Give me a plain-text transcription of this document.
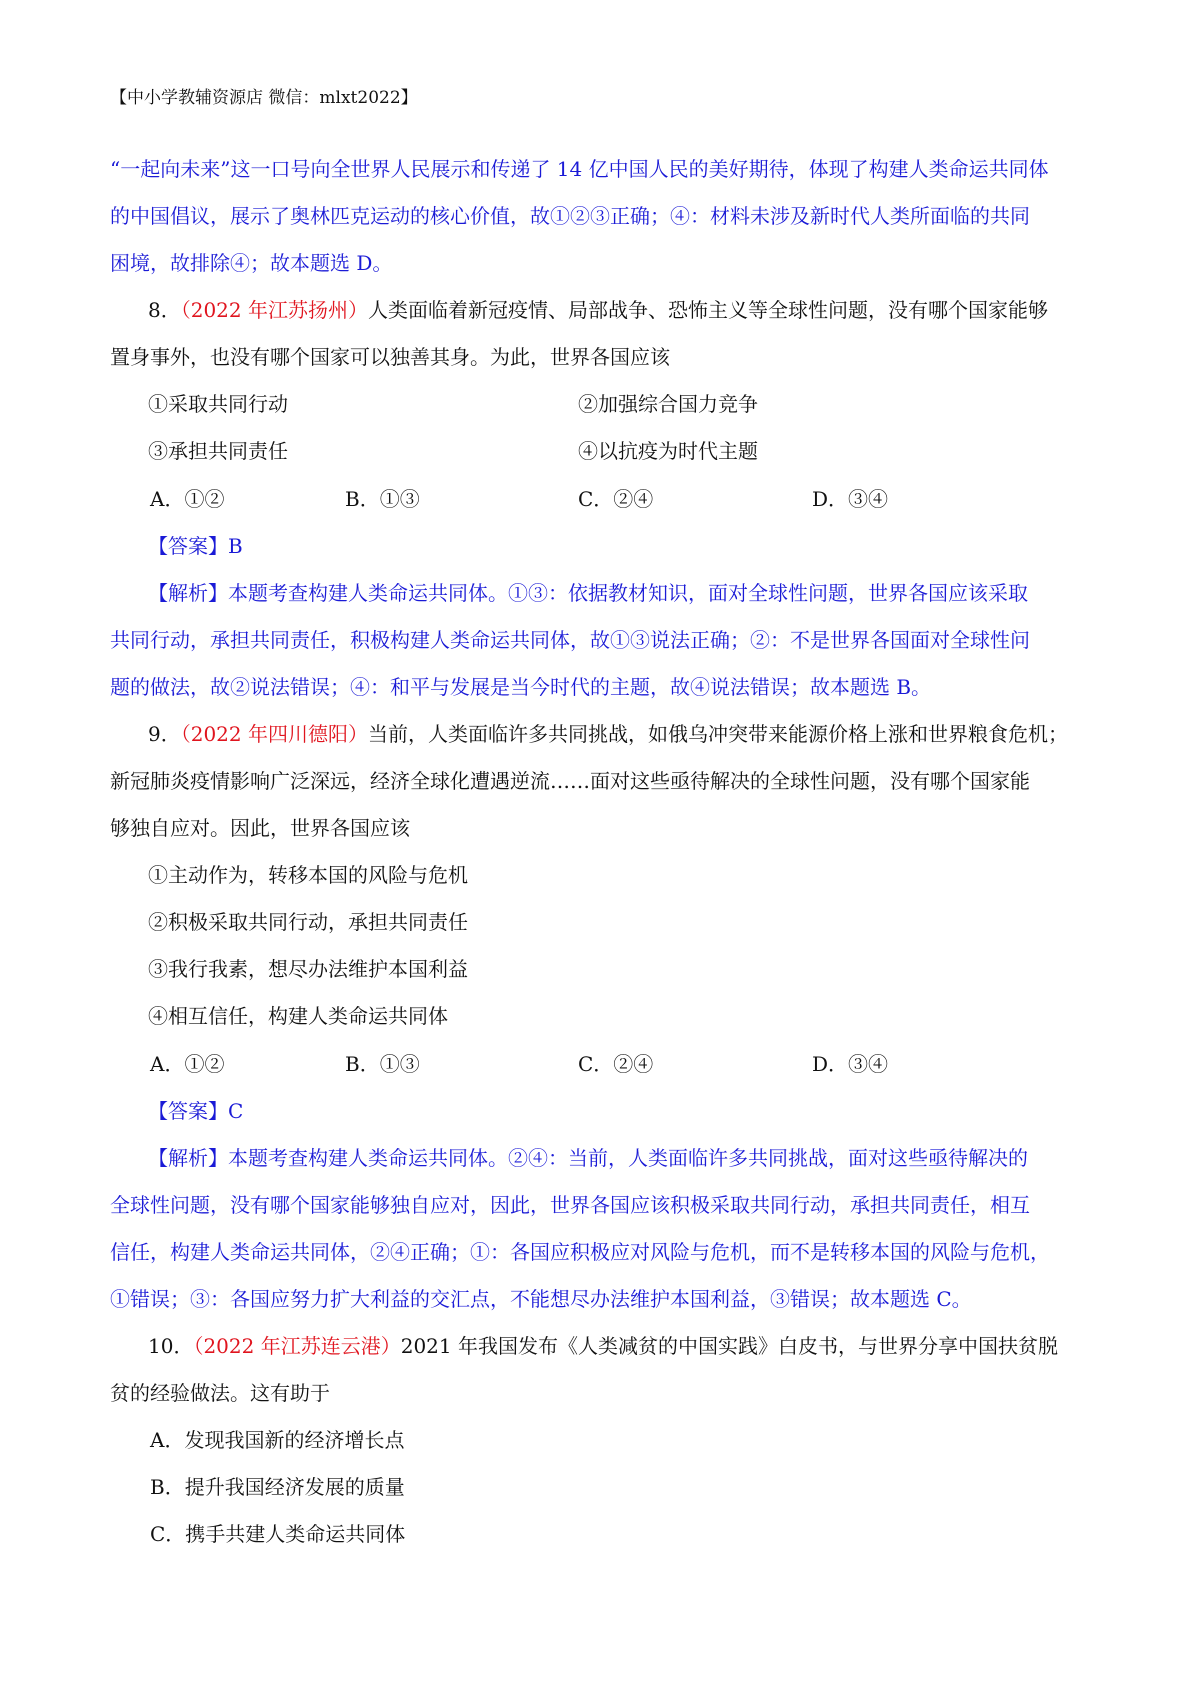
【中小学教辅资源店 微信：mlxt2022】
“一起向未来”这一口号向全世界人民展示和传递了 14 亿中国人民的美好期待，体现了构建人类命运共同体
的中国倡议，展示了奥林匹克运动的核心价值，故①②③正确；④：材料未涉及新时代人类所面临的共同
困境，故排除④；故本题选 D。
8．（2022 年江苏扬州）人类面临着新冠疫情、局部战争、恐怖主义等全球性问题，没有哪个国家能够
置身事外，也没有哪个国家可以独善其身。为此，世界各国应该
①采取共同行动	②加强综合国力竞争
③承担共同责任	④以抗疫为时代主题
A．①②	B．①③	C．②④	D．③④
【答案】B
【解析】本题考查构建人类命运共同体。①③：依据教材知识，面对全球性问题，世界各国应该采取
共同行动，承担共同责任，积极构建人类命运共同体，故①③说法正确；②：不是世界各国面对全球性问
题的做法，故②说法错误；④：和平与发展是当今时代的主题，故④说法错误；故本题选 B。
9．（2022 年四川德阳）当前，人类面临许多共同挑战，如俄乌冲突带来能源价格上涨和世界粮食危机；
新冠肺炎疫情影响广泛深远，经济全球化遭遇逆流……面对这些亟待解决的全球性问题，没有哪个国家能
够独自应对。因此，世界各国应该
①主动作为，转移本国的风险与危机
②积极采取共同行动，承担共同责任
③我行我素，想尽办法维护本国利益
④相互信任，构建人类命运共同体
A．①②	B．①③	C．②④	D．③④
【答案】C
【解析】本题考查构建人类命运共同体。②④：当前，人类面临许多共同挑战，面对这些亟待解决的
全球性问题，没有哪个国家能够独自应对，因此，世界各国应该积极采取共同行动，承担共同责任，相互
信任，构建人类命运共同体，②④正确；①：各国应积极应对风险与危机，而不是转移本国的风险与危机，
①错误；③：各国应努力扩大利益的交汇点，不能想尽办法维护本国利益，③错误；故本题选 C。
10．（2022 年江苏连云港）2021 年我国发布《人类减贫的中国实践》白皮书，与世界分享中国扶贫脱
贫的经验做法。这有助于
A．发现我国新的经济增长点
B．提升我国经济发展的质量
C．携手共建人类命运共同体
